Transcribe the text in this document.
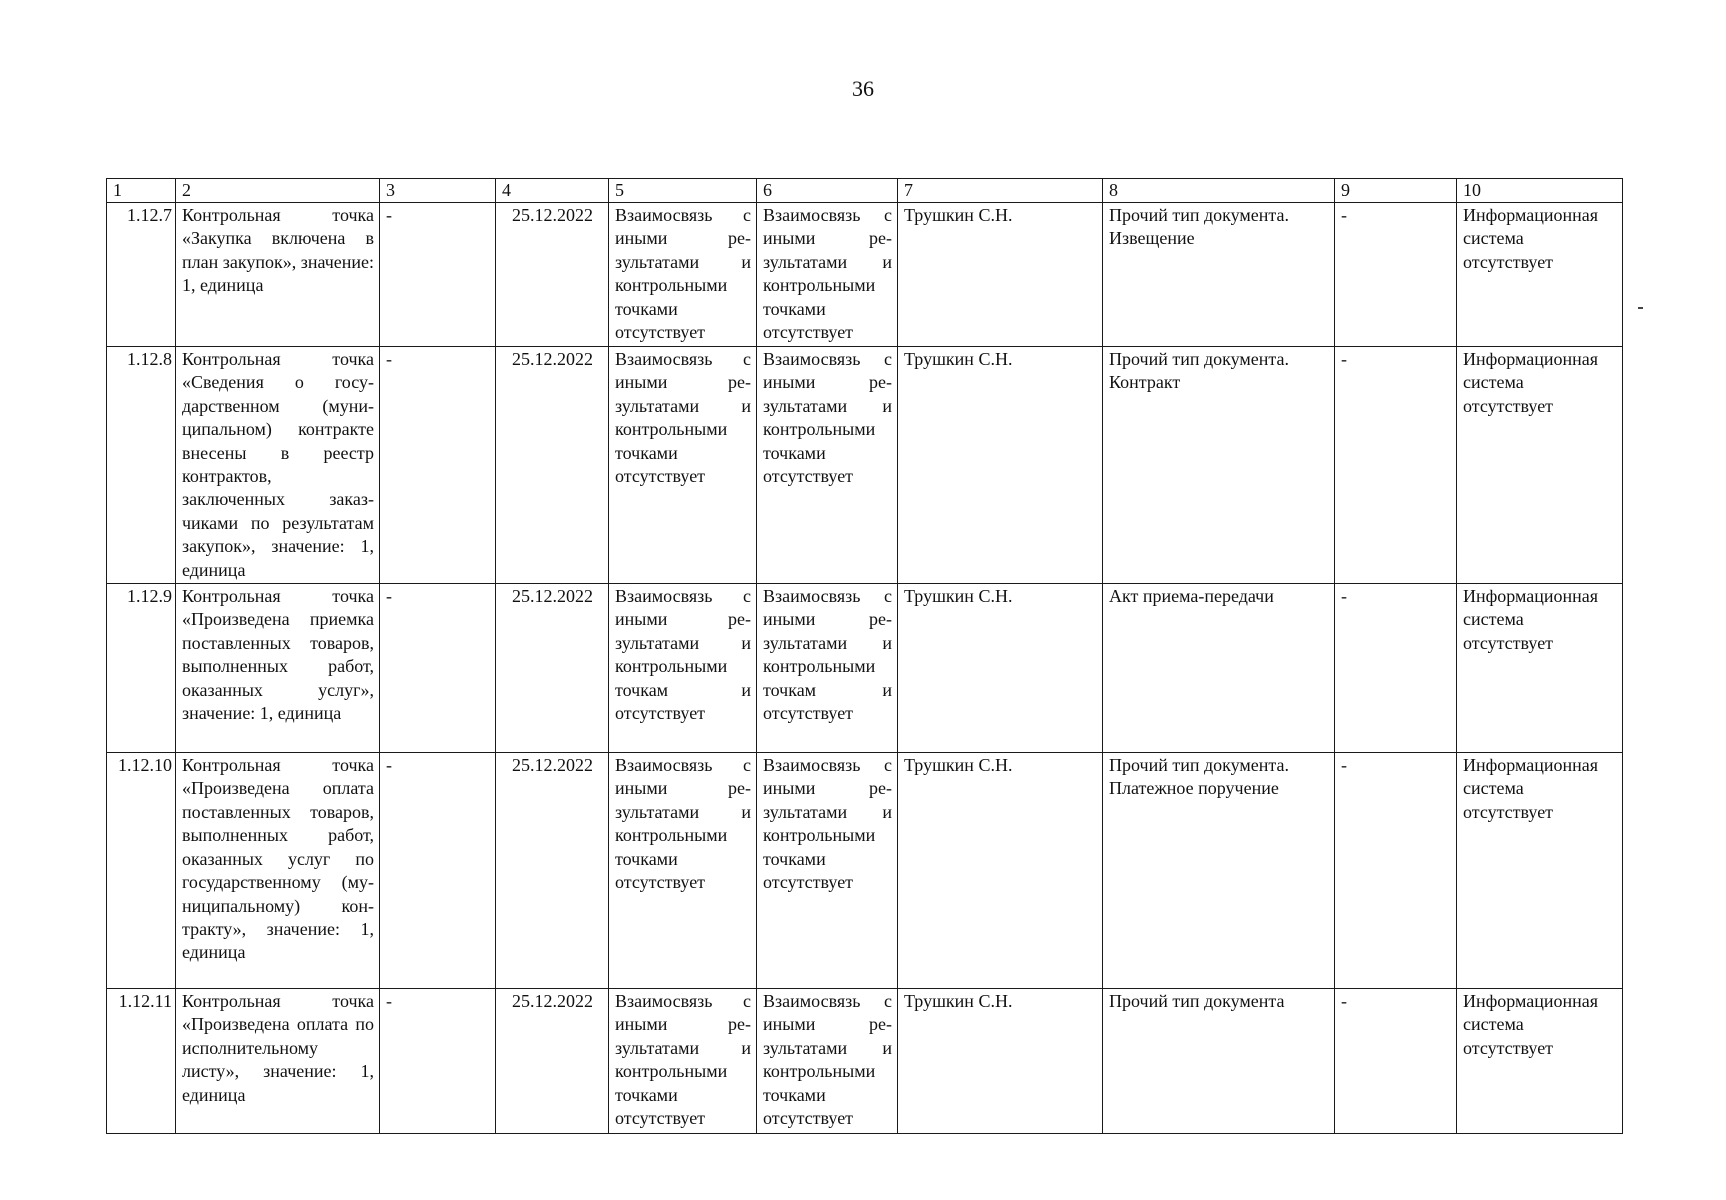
36
1	2	3	4	5	6	7	8	9	10
1.12.7	Контрольная точка «Закупка включена в план закупок», значение: 1, единица	-	25.12.2022	Взаимосвязь с иными результатами и контрольными точками отсутствует	Взаимосвязь с иными результатами и контрольными точками отсутствует	Трушкин С.Н.	Прочий тип документа. Извещение	-	Информационная система отсутствует
1.12.8	Контрольная точка «Сведения о государственном (муниципальном) контракте внесены в реестр контрактов, заключенных заказчиками по результатам закупок», значение: 1, единица	-	25.12.2022	Взаимосвязь с иными результатами и контрольными точками отсутствует	Взаимосвязь с иными результатами и контрольными точками отсутствует	Трушкин С.Н.	Прочий тип документа. Контракт	-	Информационная система отсутствует
1.12.9	Контрольная точка «Произведена приемка поставленных товаров, выполненных работ, оказанных услуг», значение: 1, единица	-	25.12.2022	Взаимосвязь с иными результатами и контрольными точкам и отсутствует	Взаимосвязь с иными результатами и контрольными точкам и отсутствует	Трушкин С.Н.	Акт приема-передачи	-	Информационная система отсутствует
1.12.10	Контрольная точка «Произведена оплата поставленных товаров, выполненных работ, оказанных услуг по государственному (муниципальному) контракту», значение: 1, единица	-	25.12.2022	Взаимосвязь с иными результатами и контрольными точками отсутствует	Взаимосвязь с иными результатами и контрольными точками отсутствует	Трушкин С.Н.	Прочий тип документа. Платежное поручение	-	Информационная система отсутствует
1.12.11	Контрольная точка «Произведена оплата по исполнительному листу», значение: 1, единица	-	25.12.2022	Взаимосвязь с иными результатами и контрольными точками отсутствует	Взаимосвязь с иными результатами и контрольными точками отсутствует	Трушкин С.Н.	Прочий тип документа	-	Информационная система отсутствует
